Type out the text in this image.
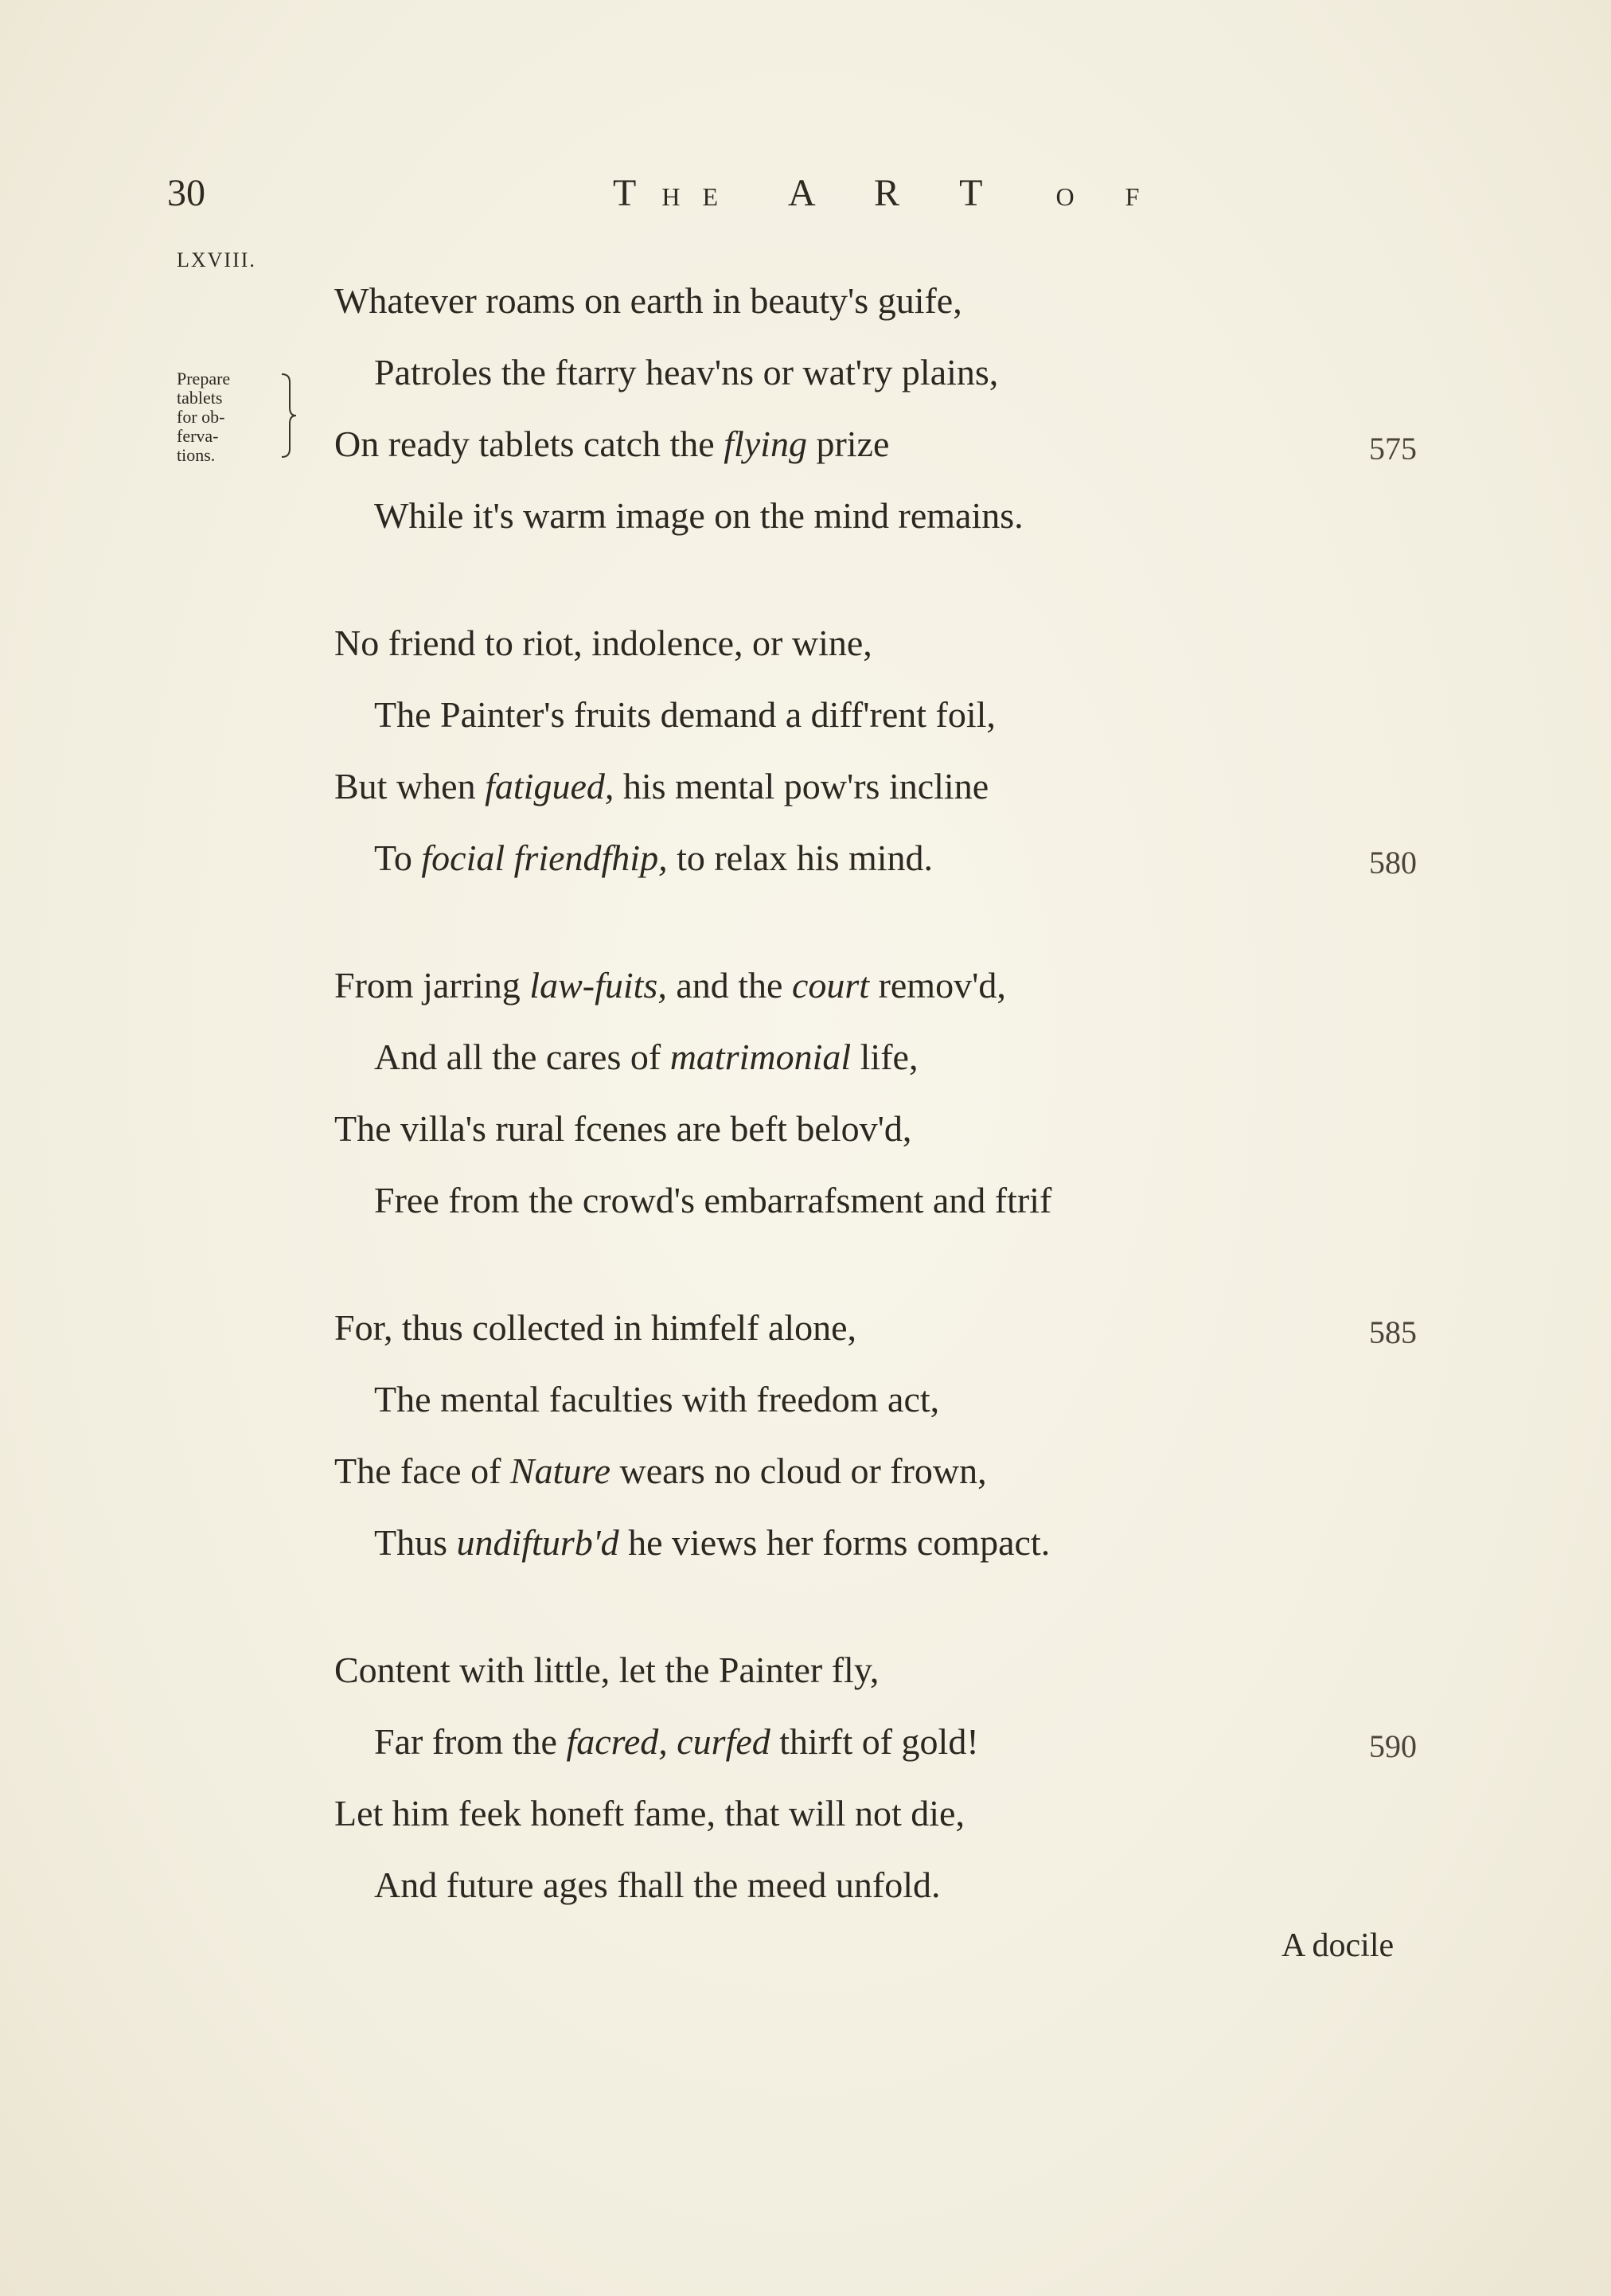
30	THE A R T O F
LXVIII.
Prepare
tablets
for ob-
ferva-
tions.
Whatever roams on earth in beauty's guife,
Patroles the ftarry heav'ns or wat'ry plains,
On ready tablets catch the flying prize	575
While it's warm image on the mind remains.
No friend to riot, indolence, or wine,
The Painter's fruits demand a diff'rent foil,
But when fatigued, his mental pow'rs incline
To focial friendfhip, to relax his mind.	580
From jarring law-fuits, and the court remov'd,
And all the cares of matrimonial life,
The villa's rural fcenes are beft belov'd,
Free from the crowd's embarrafsment and ftrif
For, thus collected in himfelf alone,	585
The mental faculties with freedom act,
The face of Nature wears no cloud or frown,
Thus undifturb'd he views her forms compact.
Content with little, let the Painter fly,
Far from the facred, curfed thirft of gold!	590
Let him feek honeft fame, that will not die,
And future ages fhall the meed unfold.
A docile
